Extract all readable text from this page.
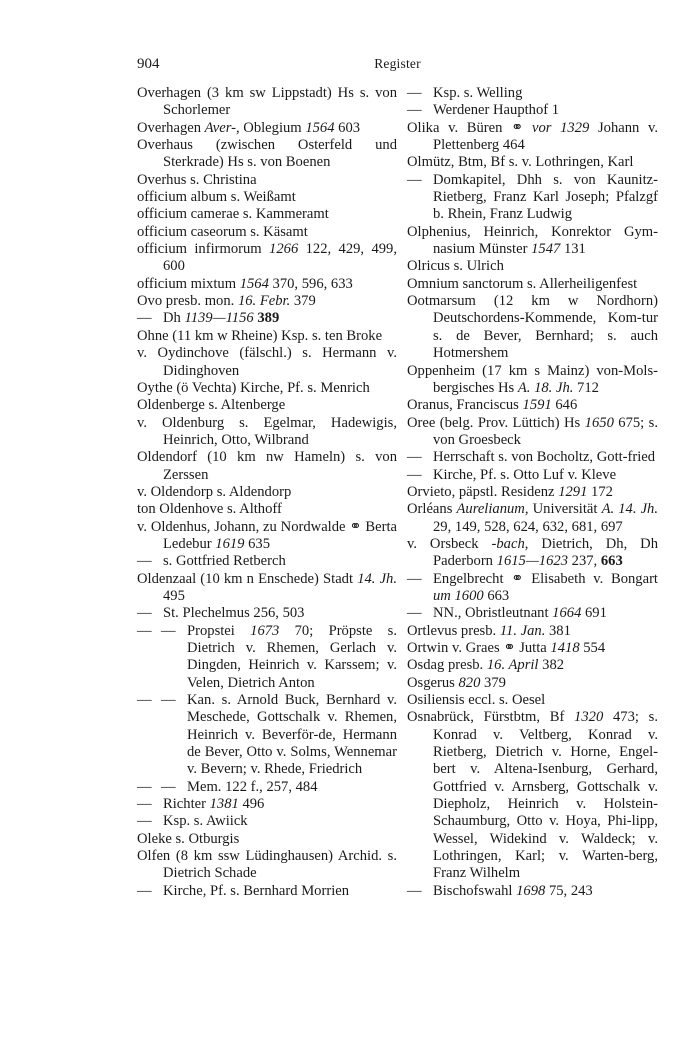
904	Register

Overhagen (3 km sw Lippstadt) Hs s. von Schorlemer

Overhagen Aver-, Oblegium 1564 603

Overhaus (zwischen Osterfeld und Sterkrade) Hs s. von Boenen

Overhus s. Christina

officium album s. Weißamt

officium camerae s. Kammeramt

officium caseorum s. Käsamt

officium infirmorum 1266 122, 429, 499, 600

officium mixtum 1564 370, 596, 633

Ovo presb. mon. 16. Febr. 379

— Dh 1139—1156 389

Ohne (11 km w Rheine) Ksp. s. ten Broke

v. Oydinchove (fälschl.) s. Hermann v. Didinghoven

Oythe (ö Vechta) Kirche, Pf. s. Menrich

Oldenberge s. Altenberge

v. Oldenburg s. Egelmar, Hadewigis, Heinrich, Otto, Wilbrand

Oldendorf (10 km nw Hameln) s. von Zerssen

v. Oldendorp s. Aldendorp

ton Oldenhove s. Althoff

v. Oldenhus, Johann, zu Nordwalde ⚭ Berta Ledebur 1619 635

— s. Gottfried Retberch

Oldenzaal (10 km n Enschede) Stadt 14. Jh. 495

— St. Plechelmus 256, 503

— — Propstei 1673 70; Pröpste s. Dietrich v. Rhemen, Gerlach v. Dingden, Heinrich v. Karssem; v. Velen, Dietrich Anton

— — Kan. s. Arnold Buck, Bernhard v. Meschede, Gottschalk v. Rhemen, Heinrich v. Beverför-de, Hermann de Bever, Otto v. Solms, Wennemar v. Bevern; v. Rhede, Friedrich

— — Mem. 122 f., 257, 484

— Richter 1381 496

— Ksp. s. Awiick

Oleke s. Otburgis

Olfen (8 km ssw Lüdinghausen) Archid. s. Dietrich Schade

— Kirche, Pf. s. Bernhard Morrien

— Ksp. s. Welling

— Werdener Haupthof 1

Olika v. Büren ⚭ vor 1329 Johann v. Plettenberg 464

Olmütz, Btm, Bf s. v. Lothringen, Karl

— Domkapitel, Dhh s. von Kaunitz-Rietberg, Franz Karl Joseph; Pfalzgf b. Rhein, Franz Ludwig

Olphenius, Heinrich, Konrektor Gym-nasium Münster 1547 131

Olricus s. Ulrich

Omnium sanctorum s. Allerheiligenfest

Ootmarsum (12 km w Nordhorn) Deutschordens-Kommende, Kom-tur s. de Bever, Bernhard; s. auch Hotmershem

Oppenheim (17 km s Mainz) von-Mols-bergisches Hs A. 18. Jh. 712

Oranus, Franciscus 1591 646

Oree (belg. Prov. Lüttich) Hs 1650 675; s. von Groesbeck

— Herrschaft s. von Bocholtz, Gott-fried

— Kirche, Pf. s. Otto Luf v. Kleve

Orvieto, päpstl. Residenz 1291 172

Orléans Aurelianum, Universität A. 14. Jh. 29, 149, 528, 624, 632, 681, 697

v. Orsbeck -bach, Dietrich, Dh, Dh Paderborn 1615—1623 237, 663

— Engelbrecht ⚭ Elisabeth v. Bongart um 1600 663

— NN., Obristleutnant 1664 691

Ortlevus presb. 11. Jan. 381

Ortwin v. Graes ⚭ Jutta 1418 554

Osdag presb. 16. April 382

Osgerus 820 379

Osiliensis eccl. s. Oesel

Osnabrück, Fürstbtm, Bf 1320 473; s. Konrad v. Veltberg, Konrad v. Rietberg, Dietrich v. Horne, Engel-bert v. Altena-Isenburg, Gerhard, Gottfried v. Arnsberg, Gottschalk v. Diepholz, Heinrich v. Holstein-Schaumburg, Otto v. Hoya, Phi-lipp, Wessel, Widekind v. Waldeck; v. Lothringen, Karl; v. Warten-berg, Franz Wilhelm

— Bischofswahl 1698 75, 243
